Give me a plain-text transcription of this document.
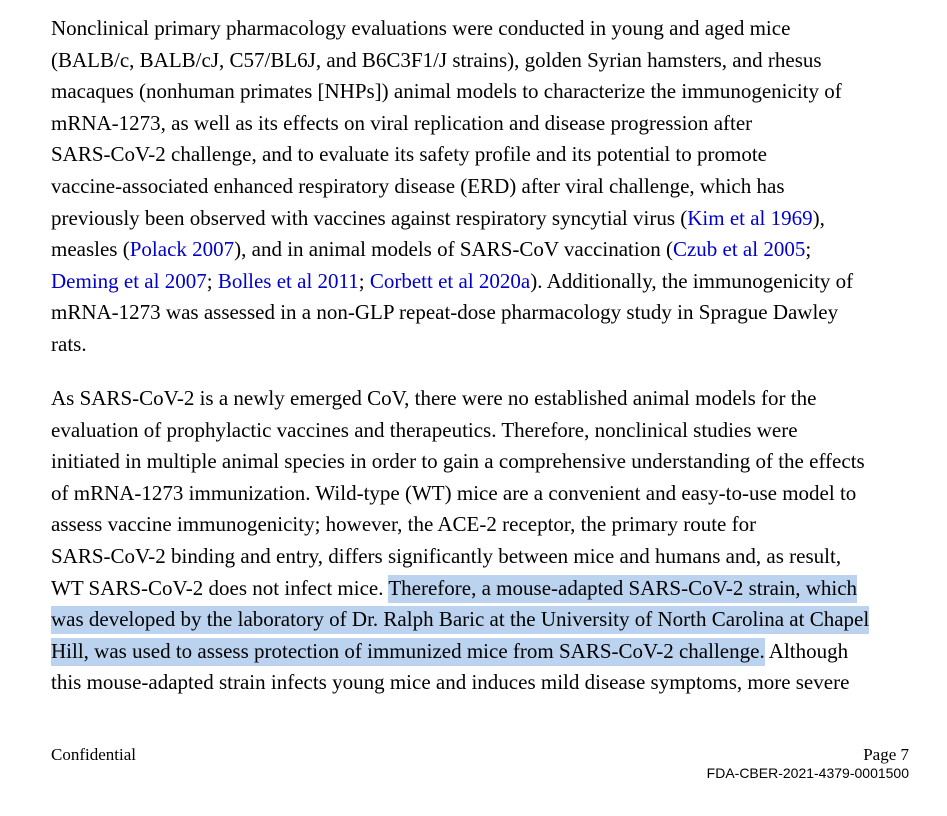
Nonclinical primary pharmacology evaluations were conducted in young and aged mice
(BALB/c, BALB/cJ, C57/BL6J, and B6C3F1/J strains), golden Syrian hamsters, and rhesus
macaques (nonhuman primates [NHPs]) animal models to characterize the immunogenicity of
mRNA-1273, as well as its effects on viral replication and disease progression after
SARS-CoV-2 challenge, and to evaluate its safety profile and its potential to promote
vaccine-associated enhanced respiratory disease (ERD) after viral challenge, which has
previously been observed with vaccines against respiratory syncytial virus (Kim et al 1969),
measles (Polack 2007), and in animal models of SARS-CoV vaccination (Czub et al 2005;
Deming et al 2007; Bolles et al 2011; Corbett et al 2020a). Additionally, the immunogenicity of
mRNA-1273 was assessed in a non-GLP repeat-dose pharmacology study in Sprague Dawley
rats.

As SARS-CoV-2 is a newly emerged CoV, there were no established animal models for the
evaluation of prophylactic vaccines and therapeutics. Therefore, nonclinical studies were
initiated in multiple animal species in order to gain a comprehensive understanding of the effects
of mRNA-1273 immunization. Wild-type (WT) mice are a convenient and easy-to-use model to
assess vaccine immunogenicity; however, the ACE-2 receptor, the primary route for
SARS-CoV-2 binding and entry, differs significantly between mice and humans and, as result,
WT SARS-CoV-2 does not infect mice. Therefore, a mouse-adapted SARS-CoV-2 strain, which
was developed by the laboratory of Dr. Ralph Baric at the University of North Carolina at Chapel
Hill, was used to assess protection of immunized mice from SARS-CoV-2 challenge. Although
this mouse-adapted strain infects young mice and induces mild disease symptoms, more severe

Confidential	Page 7
FDA-CBER-2021-4379-0001500
